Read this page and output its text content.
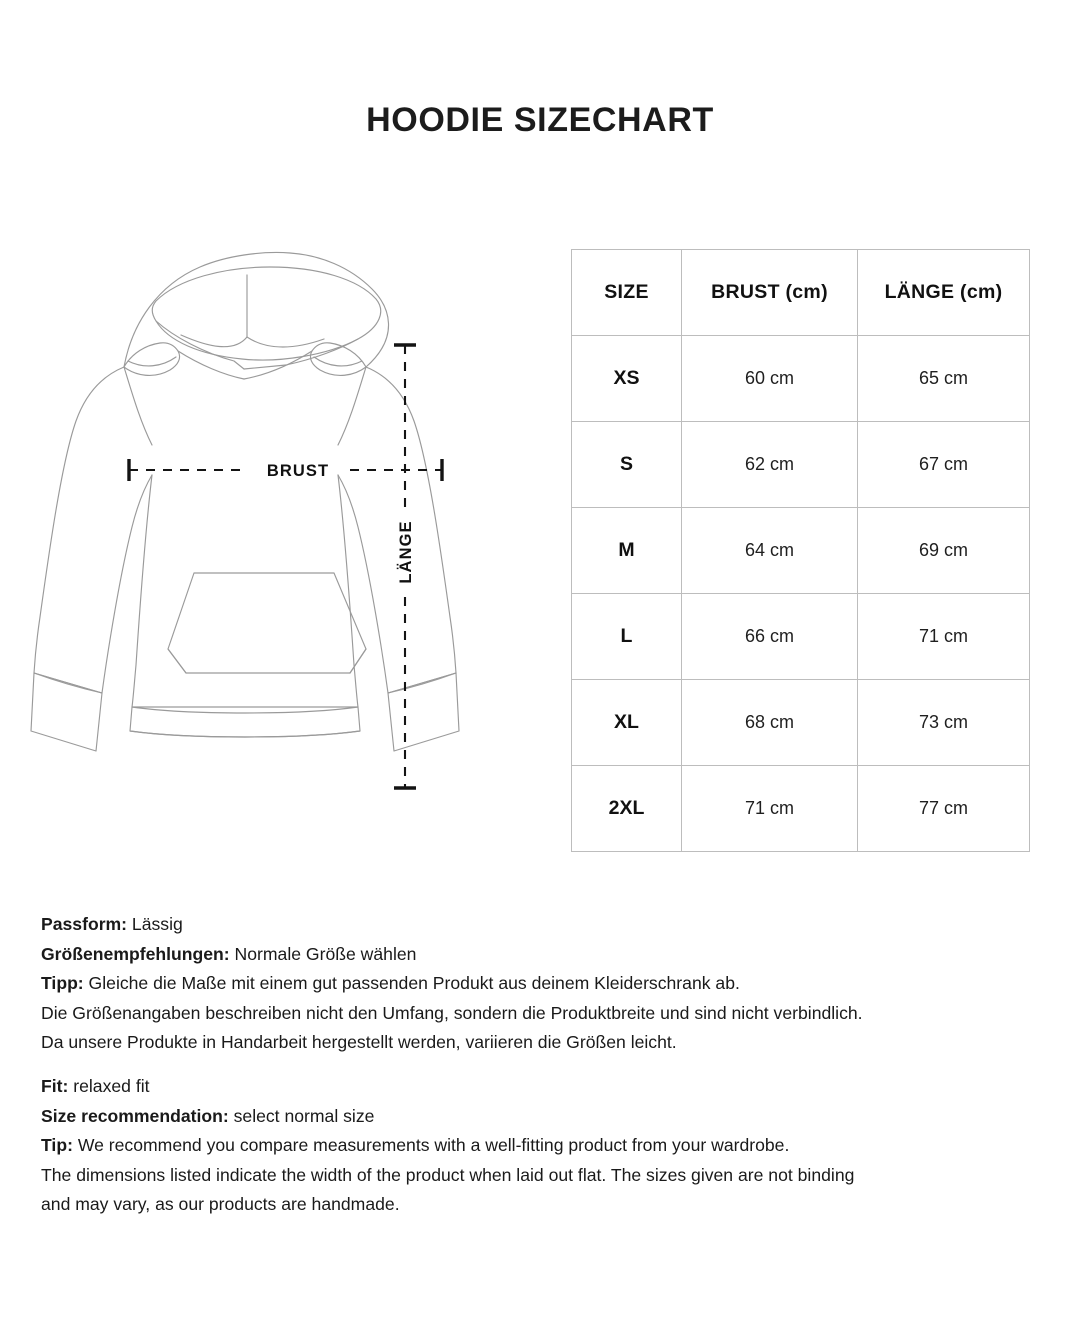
HOODIE SIZECHART
BRUST
LÄNGE
SIZE	BRUST (cm)	LÄNGE (cm)
XS	60 cm	65 cm
S	62 cm	67 cm
M	64 cm	69 cm
L	66 cm	71 cm
XL	68 cm	73 cm
2XL	71 cm	77 cm
Passform: Lässig
Größenempfehlungen: Normale Größe wählen
Tipp: Gleiche die Maße mit einem gut passenden Produkt aus deinem Kleiderschrank ab.
Die Größenangaben beschreiben nicht den Umfang, sondern die Produktbreite und sind nicht verbindlich.
Da unsere Produkte in Handarbeit hergestellt werden, variieren die Größen leicht.
Fit: relaxed fit
Size recommendation: select normal size
Tip: We recommend you compare measurements with a well-fitting product from your wardrobe.
The dimensions listed indicate the width of the product when laid out flat. The sizes given are not binding
and may vary, as our products are handmade.
